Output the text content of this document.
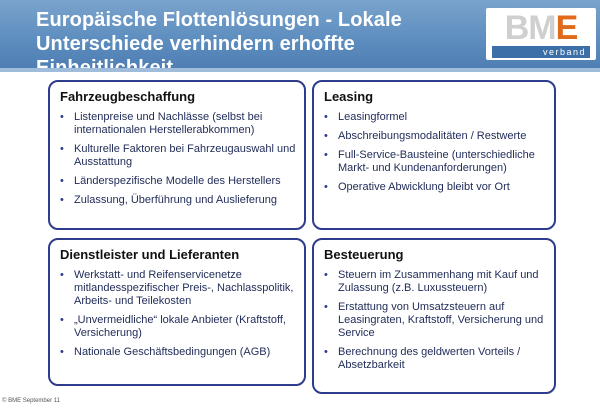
Europäische Flottenlösungen - Lokale
Unterschiede verhindern erhoffte	BM E
verband
Fahrzeugbeschaffung
• Listenpreise und Nachlässe (selbst bei internationalen Herstellerabkommen)
• Kulturelle Faktoren bei Fahrzeugauswahl und Ausstattung
• Länderspezifische Modelle des Herstellers
• Zulassung, Überführung und Auslieferung
Leasing
• Leasingformel
• Abschreibungsmodalitäten / Restwerte
• Full-Service-Bausteine (unterschiedliche Markt- und Kundenanforderungen)
• Operative Abwicklung bleibt vor Ort
Dienstleister und Lieferanten
• Werkstatt- und Reifenservicenetze mitlandesspezifischer Preis-, Nachlasspolitik, Arbeits- und Teilekosten
• „Unvermeidliche“ lokale Anbieter (Kraftstoff, Versicherung)
• Nationale Geschäftsbedingungen (AGB)
Besteuerung
• Steuern im Zusammenhang mit Kauf und Zulassung (z.B. Luxussteuern)
• Erstattung von Umsatzsteuern auf Leasingraten, Kraftstoff, Versicherung und Service
• Berechnung des geldwerten Vorteils / Absetzbarkeit
© BME September 11
